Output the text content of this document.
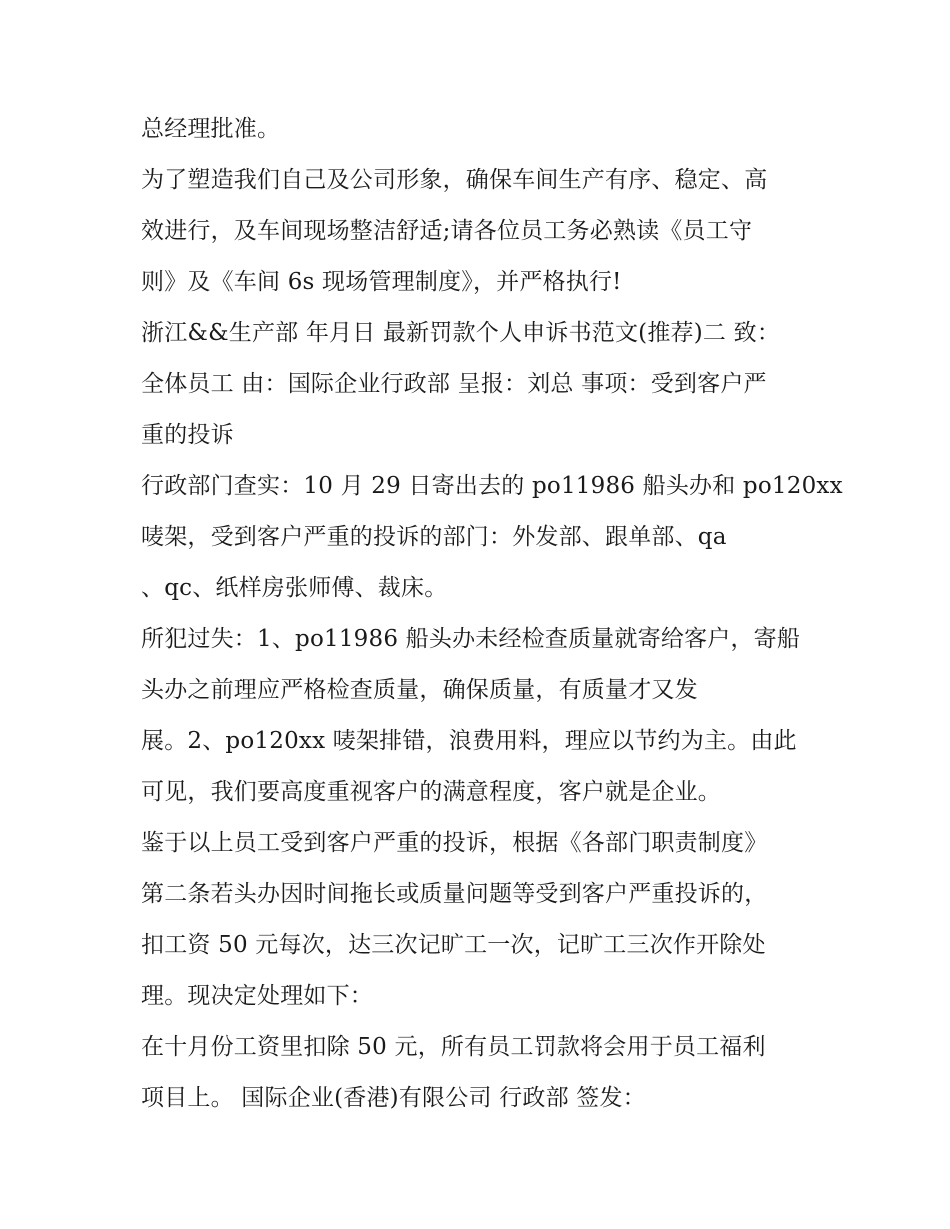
总经理批准。
为了塑造我们自己及公司形象，确保车间生产有序、稳定、高
效进行，及车间现场整洁舒适;请各位员工务必熟读《员工守
则》及《车间 6s 现场管理制度》，并严格执行!
浙江&&生产部 年月日 最新罚款个人申诉书范文(推荐)二 致：
全体员工 由：国际企业行政部 呈报：刘总 事项：受到客户严
重的投诉
行政部门查实：10 月 29 日寄出去的 po11986 船头办和 po120xx
唛架，受到客户严重的投诉的部门：外发部、跟单部、qa
、qc、纸样房张师傅、裁床。
所犯过失：1、po11986 船头办未经检查质量就寄给客户，寄船
头办之前理应严格检查质量，确保质量，有质量才又发
展。2、po120xx 唛架排错，浪费用料，理应以节约为主。由此
可见，我们要高度重视客户的满意程度，客户就是企业。
鉴于以上员工受到客户严重的投诉，根据《各部门职责制度》
第二条若头办因时间拖长或质量问题等受到客户严重投诉的，
扣工资 50 元每次，达三次记旷工一次，记旷工三次作开除处
理。现决定处理如下：
在十月份工资里扣除 50 元，所有员工罚款将会用于员工福利
项目上。 国际企业(香港)有限公司 行政部 签发：
